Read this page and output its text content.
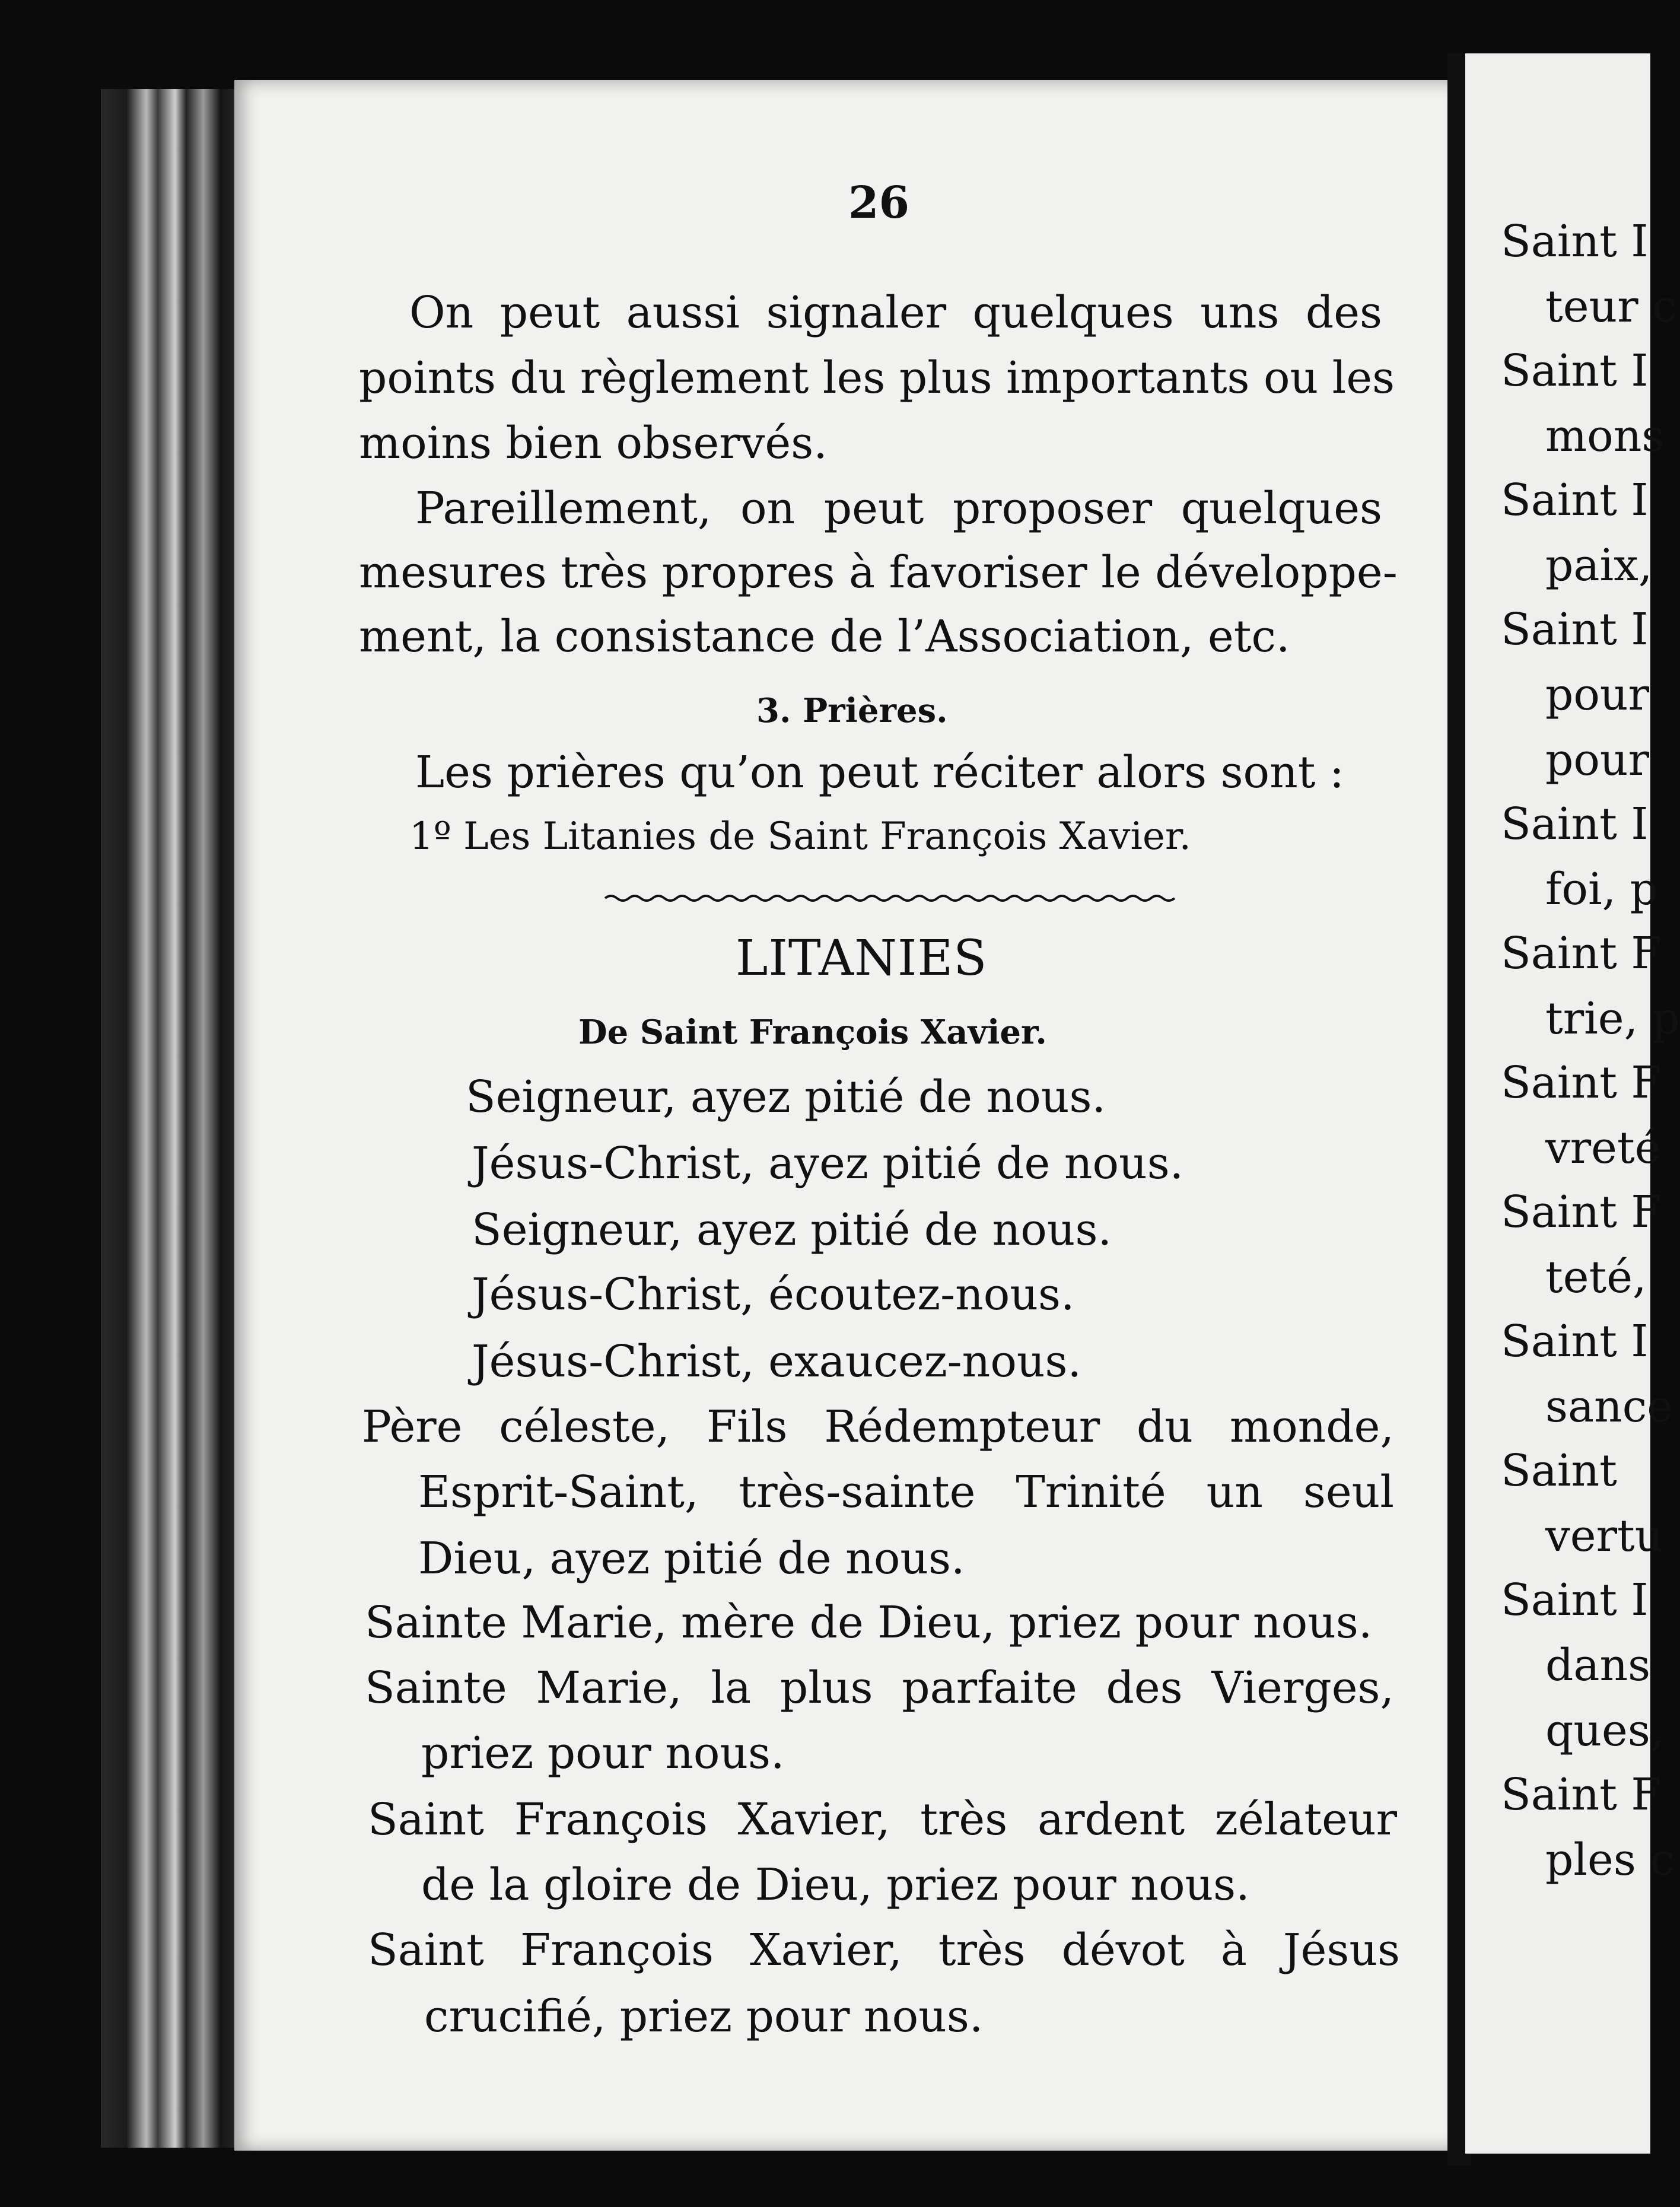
26
On peut aussi signaler quelques uns des
points du règlement les plus importants ou les
moins bien observés.
Pareillement, on peut proposer quelques
mesures très propres à favoriser le développe-
ment, la consistance de l’Association, etc.
3. Prières.
Les prières qu’on peut réciter alors sont :
1º Les Litanies de Saint François Xavier.
LITANIES
De Saint François Xavier.
Seigneur, ayez pitié de nous.
Jésus-Christ, ayez pitié de nous.
Seigneur, ayez pitié de nous.
Jésus-Christ, écoutez-nous.
Jésus-Christ, exaucez-nous.
Père céleste, Fils Rédempteur du monde,
Esprit-Saint, très-sainte Trinité un seul
Dieu, ayez pitié de nous.
Sainte Marie, mère de Dieu, priez pour nous.
Sainte Marie, la plus parfaite des Vierges,
priez pour nous.
Saint François Xavier, très ardent zélateur
de la gloire de Dieu, priez pour nous.
Saint François Xavier, très dévot à Jésus
crucifié, priez pour nous.
Saint I
teur c
Saint I
mons
Saint I
paix,
Saint I
pour
pour
Saint I
foi, p
Saint F
trie, p
Saint F
vreté
Saint F
teté,
Saint I
sance
Saint
vertu
Saint I
dans
ques,
Saint F
ples c
